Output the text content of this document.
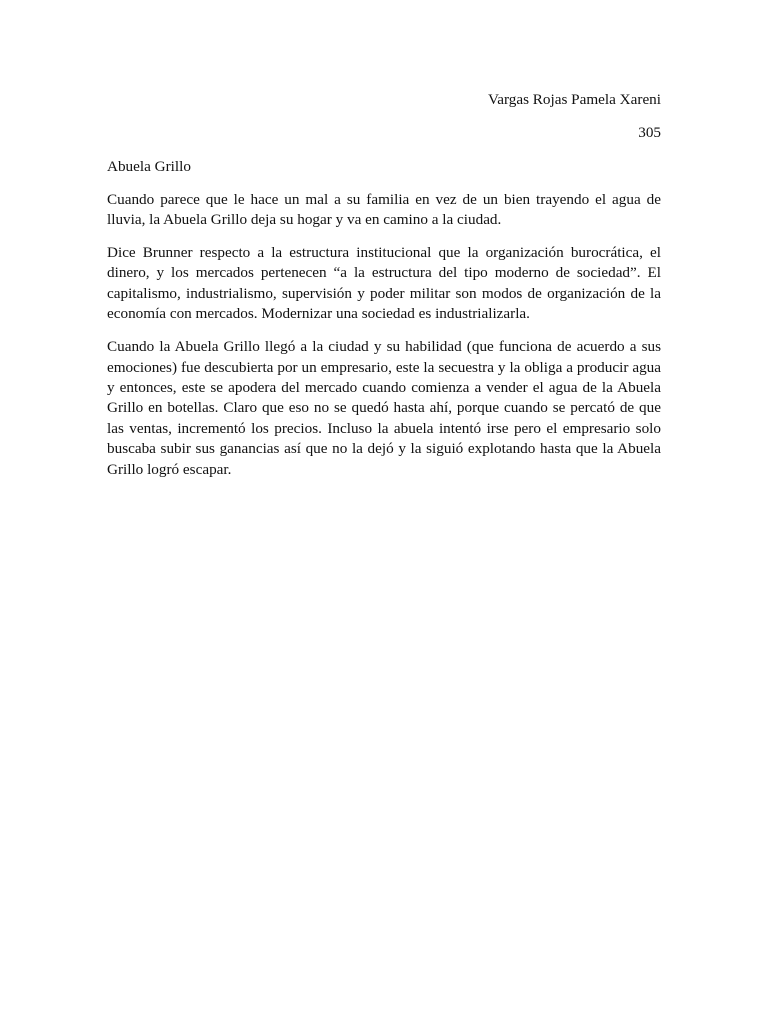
Vargas Rojas Pamela Xareni

305

Abuela Grillo

Cuando parece que le hace un mal a su familia en vez de un bien trayendo el agua de lluvia, la Abuela Grillo deja su hogar y va en camino a la ciudad.

Dice Brunner respecto a la estructura institucional que la organización burocrática, el dinero, y los mercados pertenecen “a la estructura del tipo moderno de sociedad”. El capitalismo, industrialismo, supervisión y poder militar son modos de organización de la economía con mercados. Modernizar una sociedad es industrializarla.

Cuando la Abuela Grillo llegó a la ciudad y su habilidad (que funciona de acuerdo a sus emociones) fue descubierta por un empresario, este la secuestra y la obliga a producir agua y entonces, este se apodera del mercado cuando comienza a vender el agua de la Abuela Grillo en botellas. Claro que eso no se quedó hasta ahí, porque cuando se percató de que las ventas, incrementó los precios. Incluso la abuela intentó irse pero el empresario solo buscaba subir sus ganancias así que no la dejó y la siguió explotando hasta que la Abuela Grillo logró escapar.
